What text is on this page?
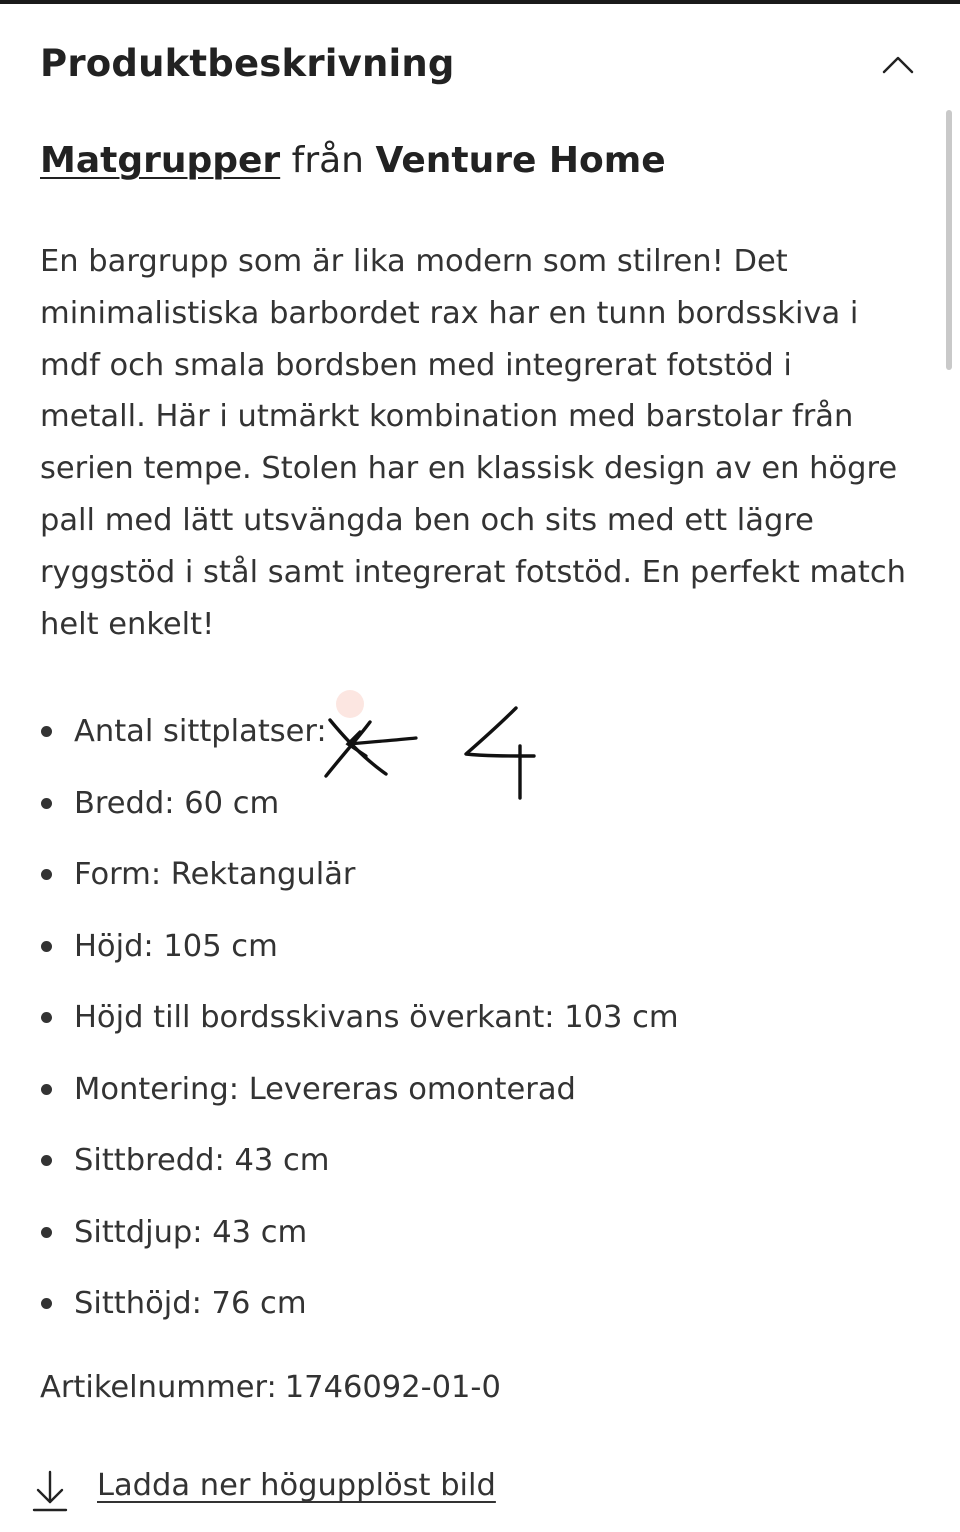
Produktbeskrivning
Matgrupper från Venture Home

En bargrupp som är lika modern som stilren! Det
minimalistiska barbordet rax har en tunn bordsskiva i
mdf och smala bordsben med integrerat fotstöd i
metall. Här i utmärkt kombination med barstolar från
serien tempe. Stolen har en klassisk design av en högre
pall med lätt utsvängda ben och sits med ett lägre
ryggstöd i stål samt integrerat fotstöd. En perfekt match
helt enkelt!

Antal sittplatser:
Bredd: 60 cm
Form: Rektangulär
Höjd: 105 cm
Höjd till bordsskivans överkant: 103 cm
Montering: Levereras omonterad
Sittbredd: 43 cm
Sittdjup: 43 cm
Sitthöjd: 76 cm
Artikelnummer: 1746092-01-0
Ladda ner högupplöst bild
